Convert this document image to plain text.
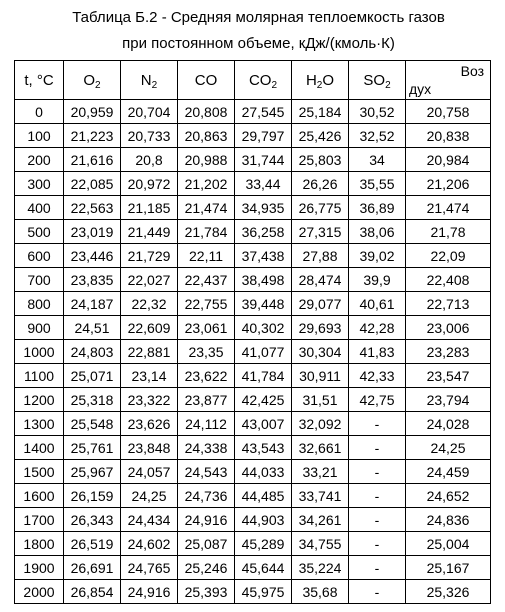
Таблица Б.2 - Средняя молярная теплоемкость газов
при постоянном объеме, кДж/(кмоль·К)
t, °C	$O_2$	$N_2$	CO	$CO_2$	$H_2O$	$SO_2$	Воз
дух

0	20,959	20,704	20,808	27,545	25,184	30,52	20,758
100	21,223	20,733	20,863	29,797	25,426	32,52	20,838
200	21,616	20,8	20,988	31,744	25,803	34	20,984
300	22,085	20,972	21,202	33,44	26,26	35,55	21,206
400	22,563	21,185	21,474	34,935	26,775	36,89	21,474
500	23,019	21,449	21,784	36,258	27,315	38,06	21,78
600	23,446	21,729	22,11	37,438	27,88	39,02	22,09
700	23,835	22,027	22,437	38,498	28,474	39,9	22,408
800	24,187	22,32	22,755	39,448	29,077	40,61	22,713
900	24,51	22,609	23,061	40,302	29,693	42,28	23,006
1000	24,803	22,881	23,35	41,077	30,304	41,83	23,283
1100	25,071	23,14	23,622	41,784	30,911	42,33	23,547
1200	25,318	23,322	23,877	42,425	31,51	42,75	23,794
1300	25,548	23,626	24,112	43,007	32,092	-	24,028
1400	25,761	23,848	24,338	43,543	32,661	-	24,25
1500	25,967	24,057	24,543	44,033	33,21	-	24,459
1600	26,159	24,25	24,736	44,485	33,741	-	24,652
1700	26,343	24,434	24,916	44,903	34,261	-	24,836
1800	26,519	24,602	25,087	45,289	34,755	-	25,004
1900	26,691	24,765	25,246	45,644	35,224	-	25,167
2000	26,854	24,916	25,393	45,975	35,68	-	25,326
